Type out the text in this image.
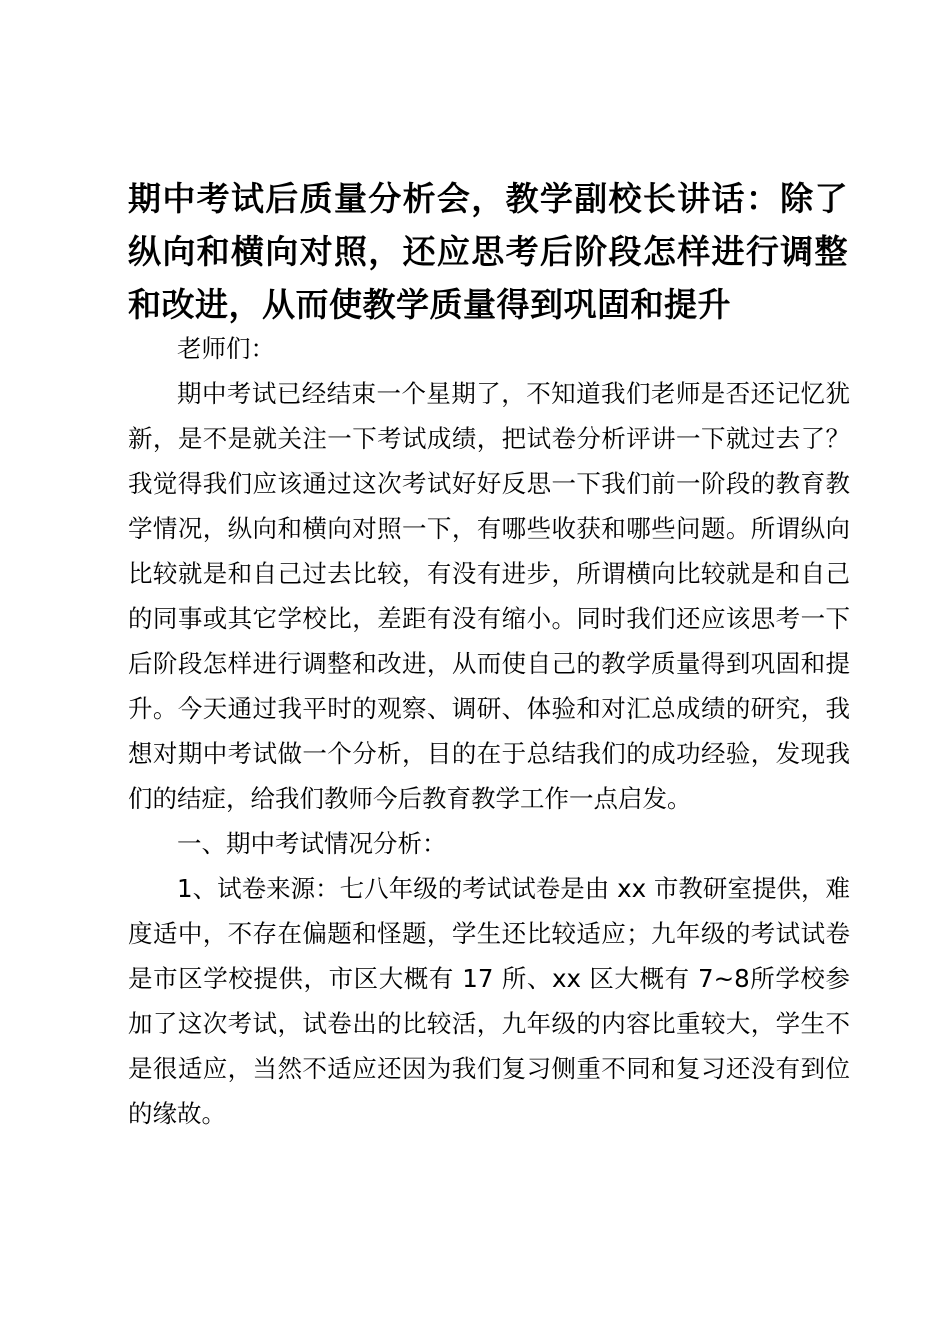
期中考试后质量分析会，教学副校长讲话：除了纵向和横向对照，还应思考后阶段怎样进行调整和改进，从而使教学质量得到巩固和提升

老师们：

期中考试已经结束一个星期了，不知道我们老师是否还记忆犹新，是不是就关注一下考试成绩，把试卷分析评讲一下就过去了？我觉得我们应该通过这次考试好好反思一下我们前一阶段的教育教学情况，纵向和横向对照一下，有哪些收获和哪些问题。所谓纵向比较就是和自己过去比较，有没有进步，所谓横向比较就是和自己的同事或其它学校比，差距有没有缩小。同时我们还应该思考一下后阶段怎样进行调整和改进，从而使自己的教学质量得到巩固和提升。今天通过我平时的观察、调研、体验和对汇总成绩的研究，我想对期中考试做一个分析，目的在于总结我们的成功经验，发现我们的结症，给我们教师今后教育教学工作一点启发。

一、期中考试情况分析：

1、试卷来源：七八年级的考试试卷是由 xx 市教研室提供，难度适中，不存在偏题和怪题，学生还比较适应；九年级的考试试卷是市区学校提供，市区大概有 17 所、xx 区大概有 7~8所学校参加了这次考试，试卷出的比较活，九年级的内容比重较大，学生不是很适应，当然不适应还因为我们复习侧重不同和复习还没有到位的缘故。
